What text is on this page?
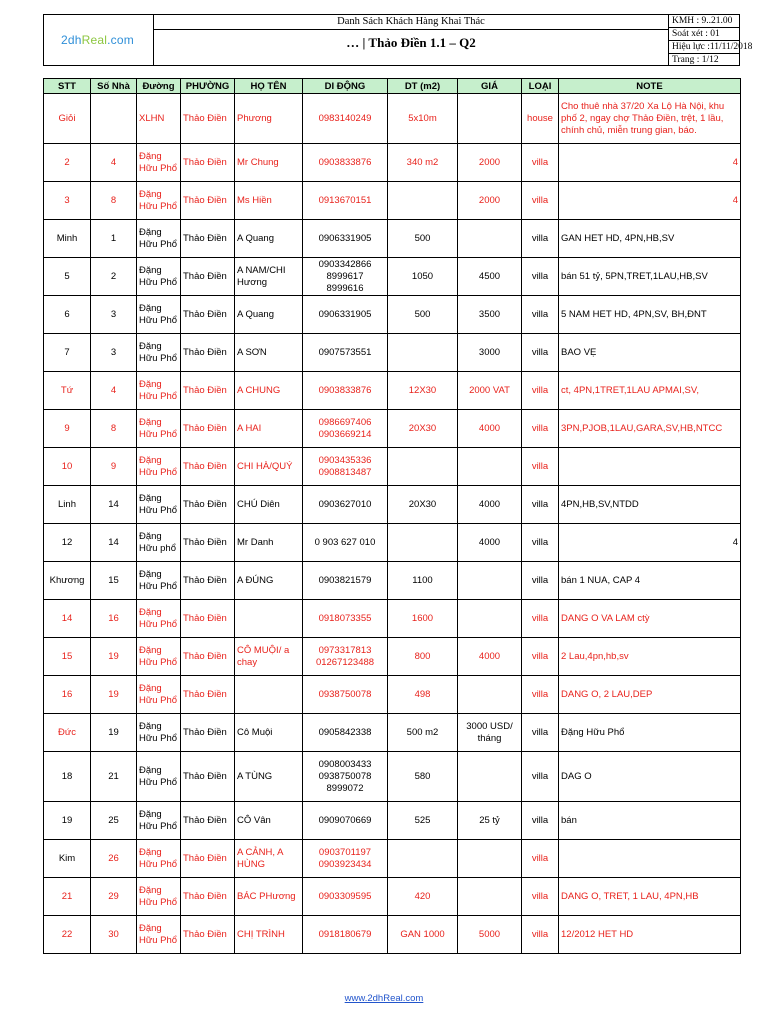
2dhReal.com
Danh Sách Khách Hàng Khai Thác
… | Thảo Điền 1.1 – Q2
KMH : 9..21.00
Soát xét : 01
Hiệu lực :11/11/2018
Trang : 1/12
STT	Số Nhà	Đường	PHƯỜNG	HỌ TÊN	DI ĐỘNG	DT (m2)	GIÁ	LOẠI	NOTE
Giỏi		XLHN	Thảo Điền	Phương	0983140249	5x10m		house	Cho thuê nhà 37/20 Xa Lộ Hà Nội, khu phố 2, ngay chợ Thảo Điền, trệt, 1 lầu, chính chủ, miễn trung gian, báo.
2	4	Đặng Hữu Phổ	Thảo Điền	Mr Chung	0903833876	340 m2	2000	villa	4
3	8	Đặng Hữu Phổ	Thảo Điền	Ms Hiền	0913670151		2000	villa	4
Minh	1	Đặng Hữu Phổ	Thảo Điền	A Quang	0906331905	500		villa	GAN HET HD, 4PN,HB,SV
5	2	Đặng Hữu Phổ	Thảo Điền	A NAM/CHI Hương	0903342866
8999617
8999616	1050	4500	villa	bán 51 tỷ, 5PN,TRET,1LAU,HB,SV
6	3	Đặng Hữu Phổ	Thảo Điền	A Quang	0906331905	500	3500	villa	5 NAM HET HD, 4PN,SV, BH,ĐNT
7	3	Đặng Hữu Phổ	Thảo Điền	A SƠN	0907573551		3000	villa	BAO VẸ
Tứ	4	Đặng Hữu Phổ	Thảo Điền	A CHUNG	0903833876	12X30	2000 VAT	villa	ct, 4PN,1TRET,1LAU APMAI,SV,
9	8	Đặng Hữu Phổ	Thảo Điền	A HAI	0986697406
0903669214	20X30	4000	villa	3PN,PJOB,1LAU,GARA,SV,HB,NTCC
10	9	Đặng Hữu Phổ	Thảo Điền	CHI HÀ/QUÝ	0903435336
0908813487			villa	
Linh	14	Đặng Hữu Phổ	Thảo Điền	CHÚ Diên	0903627010	20X30	4000	villa	4PN,HB,SV,NTDD
12	14	Đặng Hữu phổ	Thảo Điền	Mr Danh	0 903 627 010		4000	villa	4
Khương	15	Đặng Hữu Phổ	Thảo Điền	A ĐÚNG	0903821579	1100		villa	bán 1 NUA, CAP 4
14	16	Đặng Hữu Phổ	Thảo Điền		0918073355	1600		villa	DANG O VA LAM ctỳ
15	19	Đặng Hữu Phổ	Thảo Điền	CÔ MUỘI/ a chay	0973317813
01267123488	800	4000	villa	2 Lau,4pn,hb,sv
16	19	Đặng Hữu Phổ	Thảo Điền		0938750078	498		villa	DANG O, 2 LAU,DEP
Đức	19	Đặng Hữu Phổ	Thảo Điền	Cô Muội	0905842338	500 m2	3000 USD/ tháng	villa	Đặng Hữu Phổ
18	21	Đặng Hữu Phổ	Thảo Điền	A TÙNG	0908003433
0938750078
8999072	580		villa	DAG O
19	25	Đặng Hữu Phổ	Thảo Điền	CÔ Vân	0909070669	525	25 tỷ	villa	bán
Kim	26	Đặng Hữu Phổ	Thảo Điền	A CẢNH, A HÙNG	0903701197
0903923434			villa	
21	29	Đặng Hữu Phổ	Thảo Điền	BÁC PHương	0903309595	420		villa	DANG O, TRET, 1 LAU, 4PN,HB
22	30	Đặng Hữu Phổ	Thảo Điền	CHỊ TRÌNH	0918180679	GAN 1000	5000	villa	12/2012 HET HD
www.2dhReal.com
